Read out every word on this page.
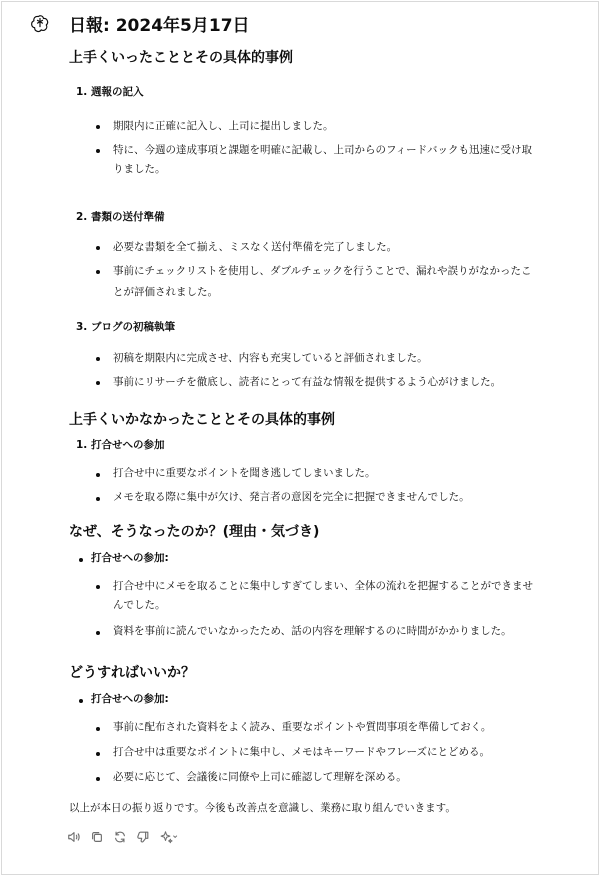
日報: 2024年5月17日
上手くいったこととその具体的事例
1. 週報の記入
期限内に正確に記入し、上司に提出しました。
特に、今週の達成事項と課題を明確に記載し、上司からのフィードバックも迅速に受け取
りました。
2. 書類の送付準備
必要な書類を全て揃え、ミスなく送付準備を完了しました。
事前にチェックリストを使用し、ダブルチェックを行うことで、漏れや誤りがなかったこ
とが評価されました。
3. ブログの初稿執筆
初稿を期限内に完成させ、内容も充実していると評価されました。
事前にリサーチを徹底し、読者にとって有益な情報を提供するよう心がけました。
上手くいかなかったこととその具体的事例
1. 打合せへの参加
打合せ中に重要なポイントを聞き逃してしまいました。
メモを取る際に集中が欠け、発言者の意図を完全に把握できませんでした。
なぜ、そうなったのか？(理由・気づき)
打合せへの参加:
打合せ中にメモを取ることに集中しすぎてしまい、全体の流れを把握することができませ
んでした。
資料を事前に読んでいなかったため、話の内容を理解するのに時間がかかりました。
どうすればいいか？
打合せへの参加:
事前に配布された資料をよく読み、重要なポイントや質問事項を準備しておく。
打合せ中は重要なポイントに集中し、メモはキーワードやフレーズにとどめる。
必要に応じて、会議後に同僚や上司に確認して理解を深める。
以上が本日の振り返りです。今後も改善点を意識し、業務に取り組んでいきます。
